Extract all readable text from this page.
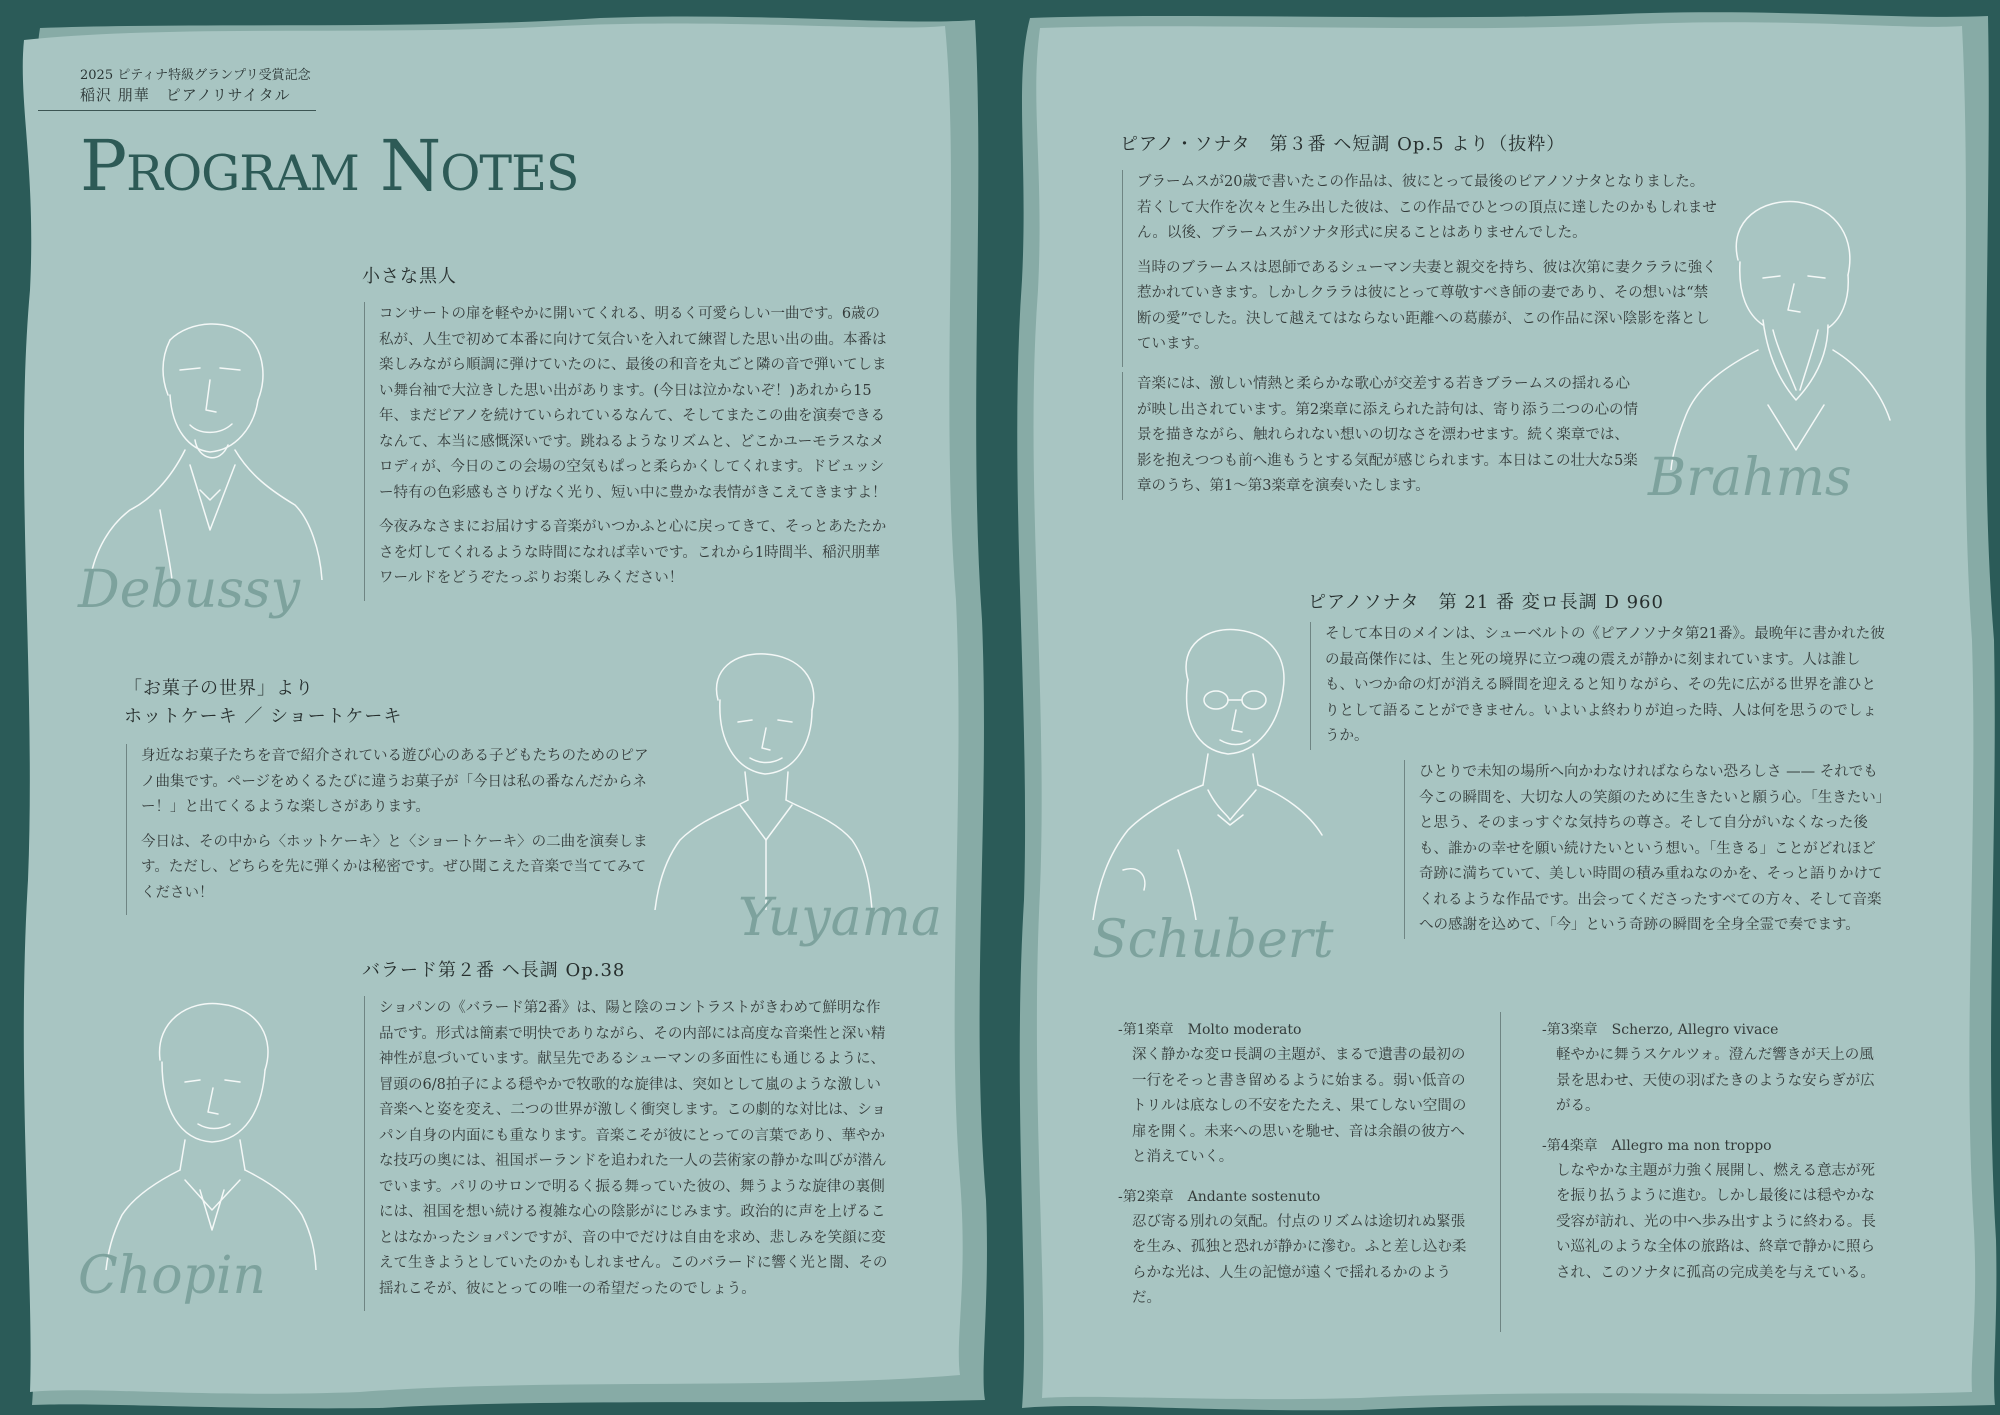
2025 ピティナ特級グランプリ受賞記念
稲沢 朋華　ピアノリサイタル
Program Notes
小さな黒人

コンサートの扉を軽やかに開いてくれる、明るく可愛らしい一曲です。6歳の私が、人生で初めて本番に向けて気合いを入れて練習した思い出の曲。本番は楽しみながら順調に弾けていたのに、最後の和音を丸ごと隣の音で弾いてしまい舞台袖で大泣きした思い出があります。(今日は泣かないぞ！)あれから15年、まだピアノを続けていられているなんて、そしてまたこの曲を演奏できるなんて、本当に感慨深いです。跳ねるようなリズムと、どこかユーモラスなメロディが、今日のこの会場の空気もぱっと柔らかくしてくれます。ドビュッシー特有の色彩感もさりげなく光り、短い中に豊かな表情がきこえてきますよ！

今夜みなさまにお届けする音楽がいつかふと心に戻ってきて、そっとあたたかさを灯してくれるような時間になれば幸いです。これから1時間半、稲沢朋華ワールドをどうぞたっぷりお楽しみください！

Debussy
「お菓子の世界」より
ホットケーキ ／ ショートケーキ

身近なお菓子たちを音で紹介されている遊び心のある子どもたちのためのピアノ曲集です。ページをめくるたびに違うお菓子が「今日は私の番なんだからネー！」と出てくるような楽しさがあります。

今日は、その中から〈ホットケーキ〉と〈ショートケーキ〉の二曲を演奏します。ただし、どちらを先に弾くかは秘密です。ぜひ聞こえた音楽で当ててみてください！	Yuyama
バラード第２番 ヘ長調 Op.38

ショパンの《バラード第2番》は、陽と陰のコントラストがきわめて鮮明な作品です。形式は簡素で明快でありながら、その内部には高度な音楽性と深い精神性が息づいています。献呈先であるシューマンの多面性にも通じるように、冒頭の6/8拍子による穏やかで牧歌的な旋律は、突如として嵐のような激しい音楽へと姿を変え、二つの世界が激しく衝突します。この劇的な対比は、ショパン自身の内面にも重なります。音楽こそが彼にとっての言葉であり、華やかな技巧の奥には、祖国ポーランドを追われた一人の芸術家の静かな叫びが潜んでいます。パリのサロンで明るく振る舞っていた彼の、舞うような旋律の裏側には、祖国を想い続ける複雑な心の陰影がにじみます。政治的に声を上げることはなかったショパンですが、音の中でだけは自由を求め、悲しみを笑顔に変えて生きようとしていたのかもしれません。このバラードに響く光と闇、その揺れこそが、彼にとっての唯一の希望だったのでしょう。

Chopin
ピアノ・ソナタ　第３番 ヘ短調 Op.5 より（抜粋）

ブラームスが20歳で書いたこの作品は、彼にとって最後のピアノソナタとなりました。若くして大作を次々と生み出した彼は、この作品でひとつの頂点に達したのかもしれません。以後、ブラームスがソナタ形式に戻ることはありませんでした。

当時のブラームスは恩師であるシューマン夫妻と親交を持ち、彼は次第に妻クララに強く惹かれていきます。しかしクララは彼にとって尊敬すべき師の妻であり、その想いは“禁断の愛”でした。決して越えてはならない距離への葛藤が、この作品に深い陰影を落としています。

音楽には、激しい情熱と柔らかな歌心が交差する若きブラームスの揺れる心が映し出されています。第2楽章に添えられた詩句は、寄り添う二つの心の情景を描きながら、触れられない想いの切なさを漂わせます。続く楽章では、影を抱えつつも前へ進もうとする気配が感じられます。本日はこの壮大な5楽章のうち、第1〜第3楽章を演奏いたします。	Brahms
ピアノソナタ　第 21 番 変ロ長調 D 960

そして本日のメインは、シューベルトの《ピアノソナタ第21番》。最晩年に書かれた彼の最高傑作には、生と死の境界に立つ魂の震えが静かに刻まれています。人は誰しも、いつか命の灯が消える瞬間を迎えると知りながら、その先に広がる世界を誰ひとりとして語ることができません。いよいよ終わりが迫った時、人は何を思うのでしょうか。

ひとりで未知の場所へ向かわなければならない恐ろしさ —— それでも今この瞬間を、大切な人の笑顔のために生きたいと願う心。「生きたい」と思う、そのまっすぐな気持ちの尊さ。そして自分がいなくなった後も、誰かの幸せを願い続けたいという想い。「生きる」ことがどれほど奇跡に満ちていて、美しい時間の積み重ねなのかを、そっと語りかけてくれるような作品です。出会ってくださったすべての方々、そして音楽への感謝を込めて、「今」という奇跡の瞬間を全身全霊で奏でます。

Schubert
-第1楽章　Molto moderato
深く静かな変ロ長調の主題が、まるで遺書の最初の一行をそっと書き留めるように始まる。弱い低音のトリルは底なしの不安をたたえ、果てしない空間の扉を開く。未来への思いを馳せ、音は余韻の彼方へと消えていく。
-第2楽章　Andante sostenuto
忍び寄る別れの気配。付点のリズムは途切れぬ緊張を生み、孤独と恐れが静かに滲む。ふと差し込む柔らかな光は、人生の記憶が遠くで揺れるかのようだ。
-第3楽章　Scherzo, Allegro vivace
軽やかに舞うスケルツォ。澄んだ響きが天上の風景を思わせ、天使の羽ばたきのような安らぎが広がる。
-第4楽章　Allegro ma non troppo
しなやかな主題が力強く展開し、燃える意志が死を振り払うように進む。しかし最後には穏やかな受容が訪れ、光の中へ歩み出すように終わる。長い巡礼のような全体の旅路は、終章で静かに照らされ、このソナタに孤高の完成美を与えている。
